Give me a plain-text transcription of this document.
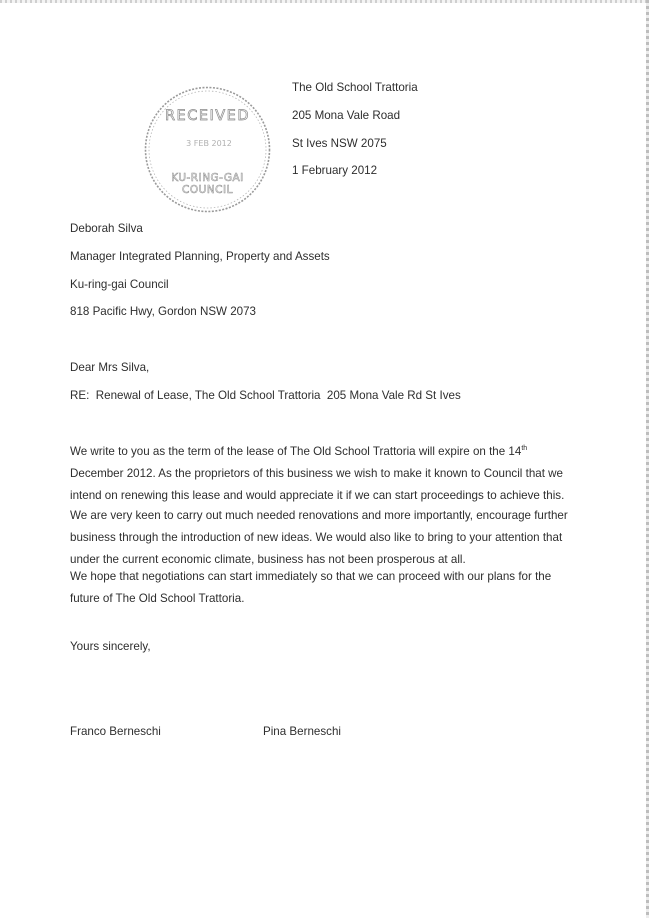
RECEIVED
3 FEB 2012
KU-RING-GAI
COUNCIL
The Old School Trattoria
205 Mona Vale Road
St Ives NSW 2075
1 February 2012
Deborah Silva
Manager Integrated Planning, Property and Assets
Ku-ring-gai Council
818 Pacific Hwy, Gordon NSW 2073
Dear Mrs Silva,
RE:  Renewal of Lease, The Old School Trattoria  205 Mona Vale Rd St Ives
We write to you as the term of the lease of The Old School Trattoria will expire on the 14th December 2012. As the proprietors of this business we wish to make it known to Council that we intend on renewing this lease and would appreciate it if we can start proceedings to achieve this.
We are very keen to carry out much needed renovations and more importantly, encourage further business through the introduction of new ideas. We would also like to bring to your attention that under the current economic climate, business has not been prosperous at all.
We hope that negotiations can start immediately so that we can proceed with our plans for the future of The Old School Trattoria.
Yours sincerely,
Franco Berneschi	Pina Berneschi
